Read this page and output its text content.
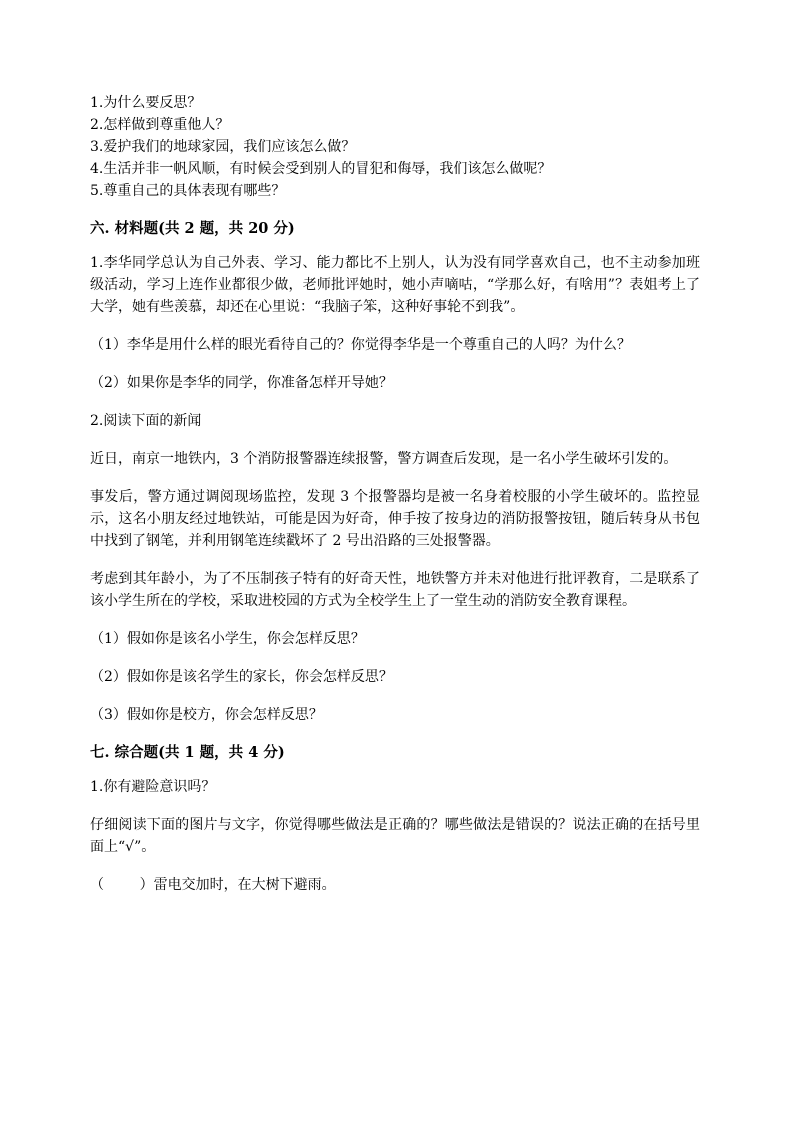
1.为什么要反思？

2.怎样做到尊重他人？

3.爱护我们的地球家园，我们应该怎么做？

4.生活并非一帆风顺，有时候会受到别人的冒犯和侮辱，我们该怎么做呢？

5.尊重自己的具体表现有哪些？

六. 材料题(共 2 题，共 20 分)

1.李华同学总认为自己外表、学习、能力都比不上别人，认为没有同学喜欢自己，也不主动参加班级活动，学习上连作业都很少做，老师批评她时，她小声嘀咕，“学那么好，有啥用”？表姐考上了大学，她有些羡慕，却还在心里说：“我脑子笨，这种好事轮不到我”。

（1）李华是用什么样的眼光看待自己的？你觉得李华是一个尊重自己的人吗？为什么？

（2）如果你是李华的同学，你准备怎样开导她？

2.阅读下面的新闻

近日，南京一地铁内，3 个消防报警器连续报警，警方调查后发现，是一名小学生破坏引发的。

事发后，警方通过调阅现场监控，发现 3 个报警器均是被一名身着校服的小学生破坏的。监控显示，这名小朋友经过地铁站，可能是因为好奇，伸手按了按身边的消防报警按钮，随后转身从书包中找到了钢笔，并利用钢笔连续戳坏了 2 号出沿路的三处报警器。

考虑到其年龄小，为了不压制孩子特有的好奇天性，地铁警方并未对他进行批评教育，二是联系了该小学生所在的学校，采取进校园的方式为全校学生上了一堂生动的消防安全教育课程。

（1）假如你是该名小学生，你会怎样反思？

（2）假如你是该名学生的家长，你会怎样反思？

（3）假如你是校方，你会怎样反思？

七. 综合题(共 1 题，共 4 分)

1.你有避险意识吗？

仔细阅读下面的图片与文字，你觉得哪些做法是正确的？哪些做法是错误的？说法正确的在括号里面上“√”。

（        ）雷电交加时，在大树下避雨。
